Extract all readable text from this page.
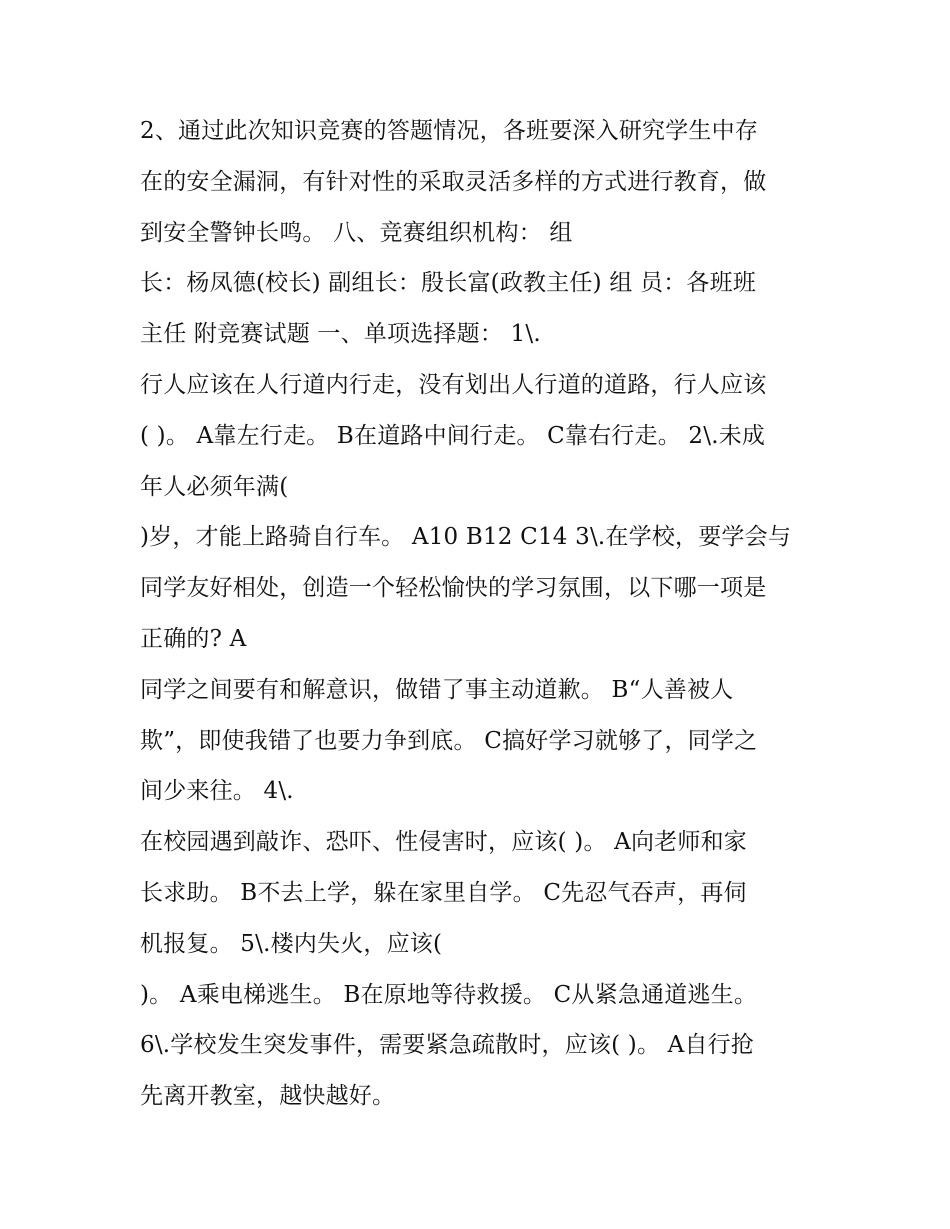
2、通过此次知识竞赛的答题情况，各班要深入研究学生中存
在的安全漏洞，有针对性的采取灵活多样的方式进行教育，做
到安全警钟长鸣。 八、竞赛组织机构： 组
长：杨凤德(校长) 副组长：殷长富(政教主任) 组 员：各班班
主任 附竞赛试题 一、单项选择题： 1\.
行人应该在人行道内行走，没有划出人行道的道路，行人应该
( )。 A靠左行走。 B在道路中间行走。 C靠右行走。 2\.未成
年人必须年满(
)岁，才能上路骑自行车。 A10 B12 C14 3\.在学校，要学会与
同学友好相处，创造一个轻松愉快的学习氛围，以下哪一项是
正确的? A
同学之间要有和解意识，做错了事主动道歉。 B“人善被人
欺”，即使我错了也要力争到底。 C搞好学习就够了，同学之
间少来往。 4\.
在校园遇到敲诈、恐吓、性侵害时，应该( )。 A向老师和家
长求助。 B不去上学，躲在家里自学。 C先忍气吞声，再伺
机报复。 5\.楼内失火，应该(
)。 A乘电梯逃生。 B在原地等待救援。 C从紧急通道逃生。
6\.学校发生突发事件，需要紧急疏散时，应该( )。 A自行抢
先离开教室，越快越好。
